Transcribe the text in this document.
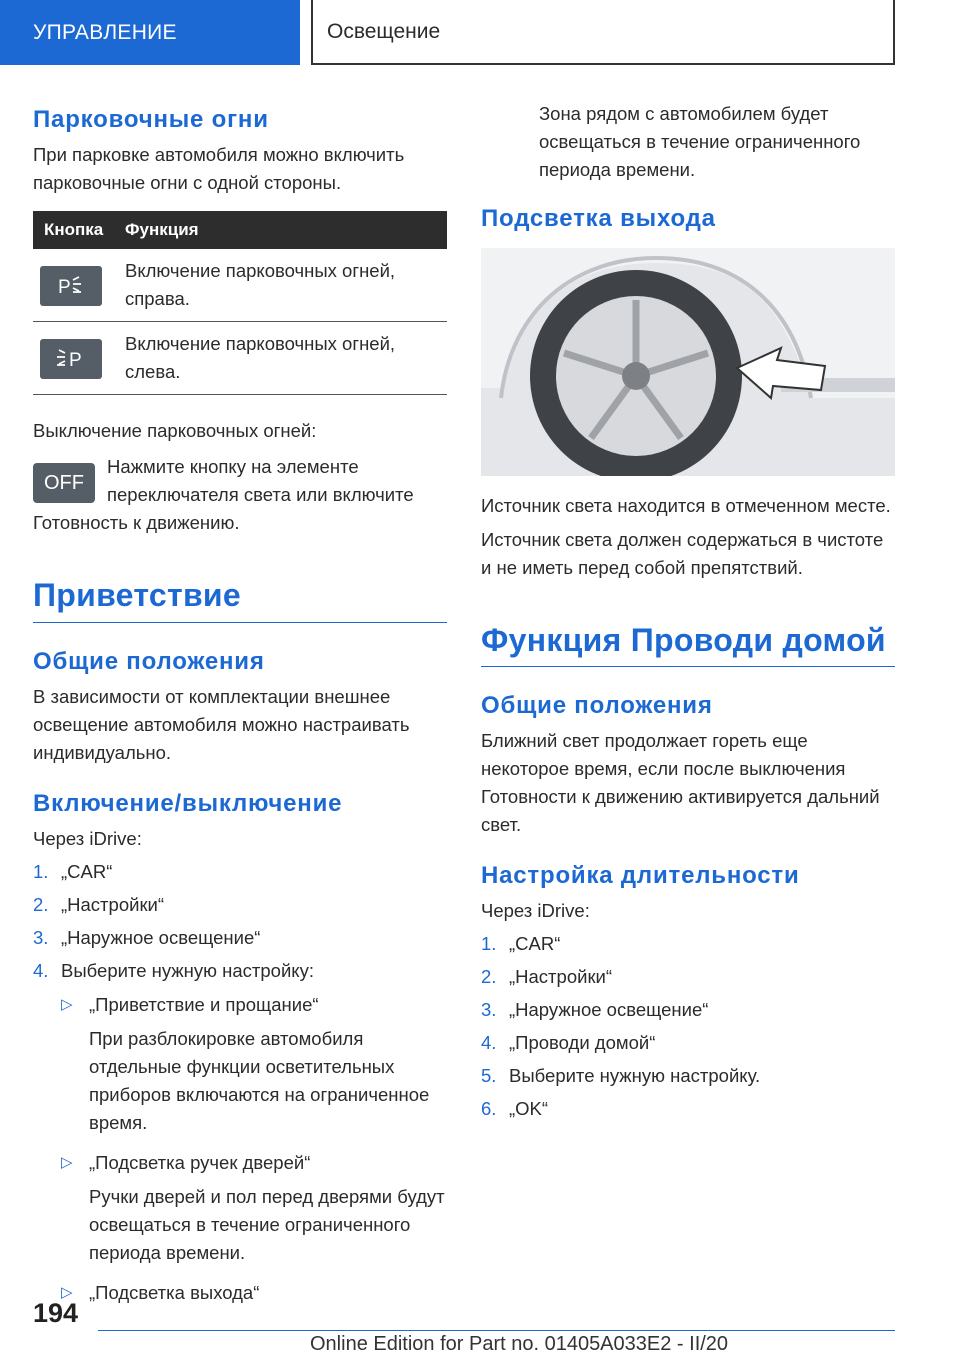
УПРАВЛЕНИЕ	Освещение
Парковочные огни

При парковке автомобиля можно включить парковочные огни с одной стороны.

Кнопка	Функция

P	Включение парковочных огней, справа.

P	Включение парковочных огней, слева.

Выключение парковочных огней:

OFF

Нажмите кнопку на элементе переключателя света или включите Готовность к движению.

Приветствие
Общие положения

В зависимости от комплектации внешнее освещение автомобиля можно настраивать индивидуально.

Включение/выключение

Через iDrive:

1. „CAR“
2. „Настройки“
3. „Наружное освещение“
4. Выберите нужную настройку:
▷ „Приветствие и прощание“
При разблокировке автомобиля отдельные функции осветительных приборов включаются на ограниченное время.
▷ „Подсветка ручек дверей“
Ручки дверей и пол перед дверями будут освещаться в течение ограниченного периода времени.
▷ „Подсветка выхода“

Зона рядом с автомобилем будет освещаться в течение ограниченного периода времени.

Подсветка выхода

Источник света находится в отмеченном месте.

Источник света должен содержаться в чистоте и не иметь перед собой препятствий.

Функция Проводи домой
Общие положения

Ближний свет продолжает гореть еще некоторое время, если после выключения Готовности к движению активируется дальний свет.

Настройка длительности

Через iDrive:

1. „CAR“
2. „Настройки“
3. „Наружное освещение“
4. „Проводи домой“
5. Выберите нужную настройку.
6. „OK“
194
Online Edition for Part no. 01405A033E2 - II/20
